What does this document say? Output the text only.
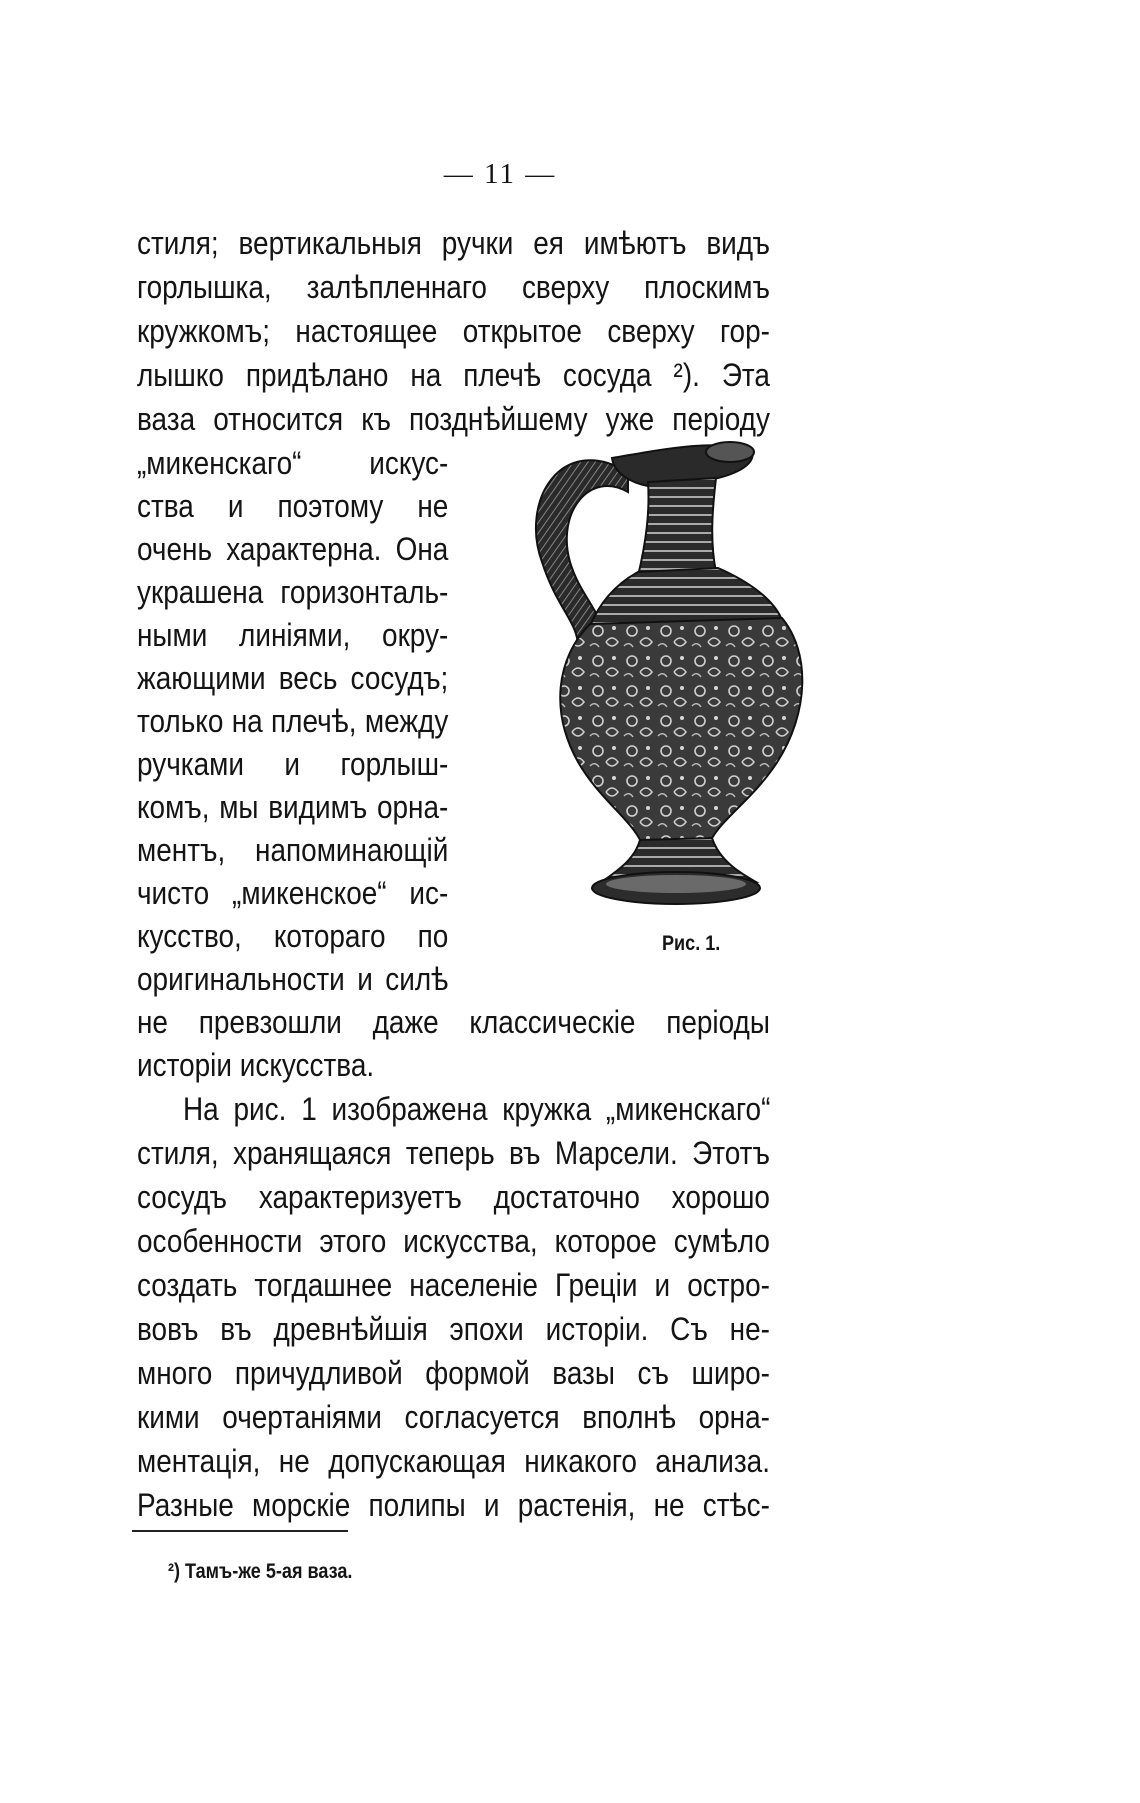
— 11 —
стиля; вертикальныя ручки ея имѣютъ видъ
горлышка, залѣпленнаго сверху плоскимъ
кружкомъ; настоящее открытое сверху гор-
лышко придѣлано на плечѣ сосуда ²). Эта
ваза относится къ позднѣйшему уже періоду
„микенскаго“ искус-
ства и поэтому не
очень характерна. Она
украшена горизонталь-
ными линіями, окру-
жающими весь сосудъ;
только на плечѣ, между
ручками и горлыш-
комъ, мы видимъ орна-
ментъ, напоминающій
чисто „микенское“ ис-
кусство, котораго по
оригинальности и силѣ
не превзошли даже классическіе періоды
исторіи искусства.
На рис. 1 изображена кружка „микенскаго“
стиля, хранящаяся теперь въ Марсели. Этотъ
сосудъ характеризуетъ достаточно хорошо
особенности этого искусства, которое сумѣло
создать тогдашнее населеніе Греціи и остро-
вовъ въ древнѣйшія эпохи исторіи. Съ не-
много причудливой формой вазы съ широ-
кими очертаніями согласуется вполнѣ орна-
ментація, не допускающая никакого анализа.
Разные морскіе полипы и растенія, не стѣс-
Рис. 1.
²) Тамъ-же 5-ая ваза.
